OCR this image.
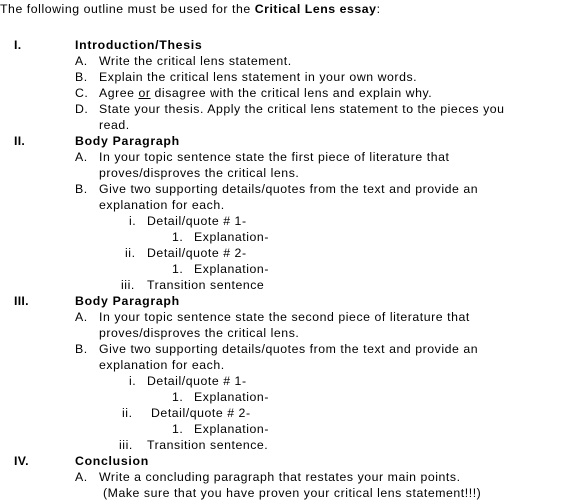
The following outline must be used for the Critical Lens essay:
I.	Introduction/Thesis
A. Write the critical lens statement.
B. Explain the critical lens statement in your own words.
C. Agree or disagree with the critical lens and explain why.
D. State your thesis. Apply the critical lens statement to the pieces you
read.
II.	Body Paragraph
A. In your topic sentence state the first piece of literature that
proves/disproves the critical lens.
B. Give two supporting details/quotes from the text and provide an
explanation for each.
i. Detail/quote # 1-
1. Explanation-
ii. Detail/quote # 2-
1. Explanation-
iii. Transition sentence
III.	Body Paragraph
A. In your topic sentence state the second piece of literature that
proves/disproves the critical lens.
B. Give two supporting details/quotes from the text and provide an
explanation for each.
i. Detail/quote # 1-
1. Explanation-
ii. Detail/quote # 2-
1. Explanation-
iii. Transition sentence.
IV.	Conclusion
A. Write a concluding paragraph that restates your main points.
(Make sure that you have proven your critical lens statement!!!)
